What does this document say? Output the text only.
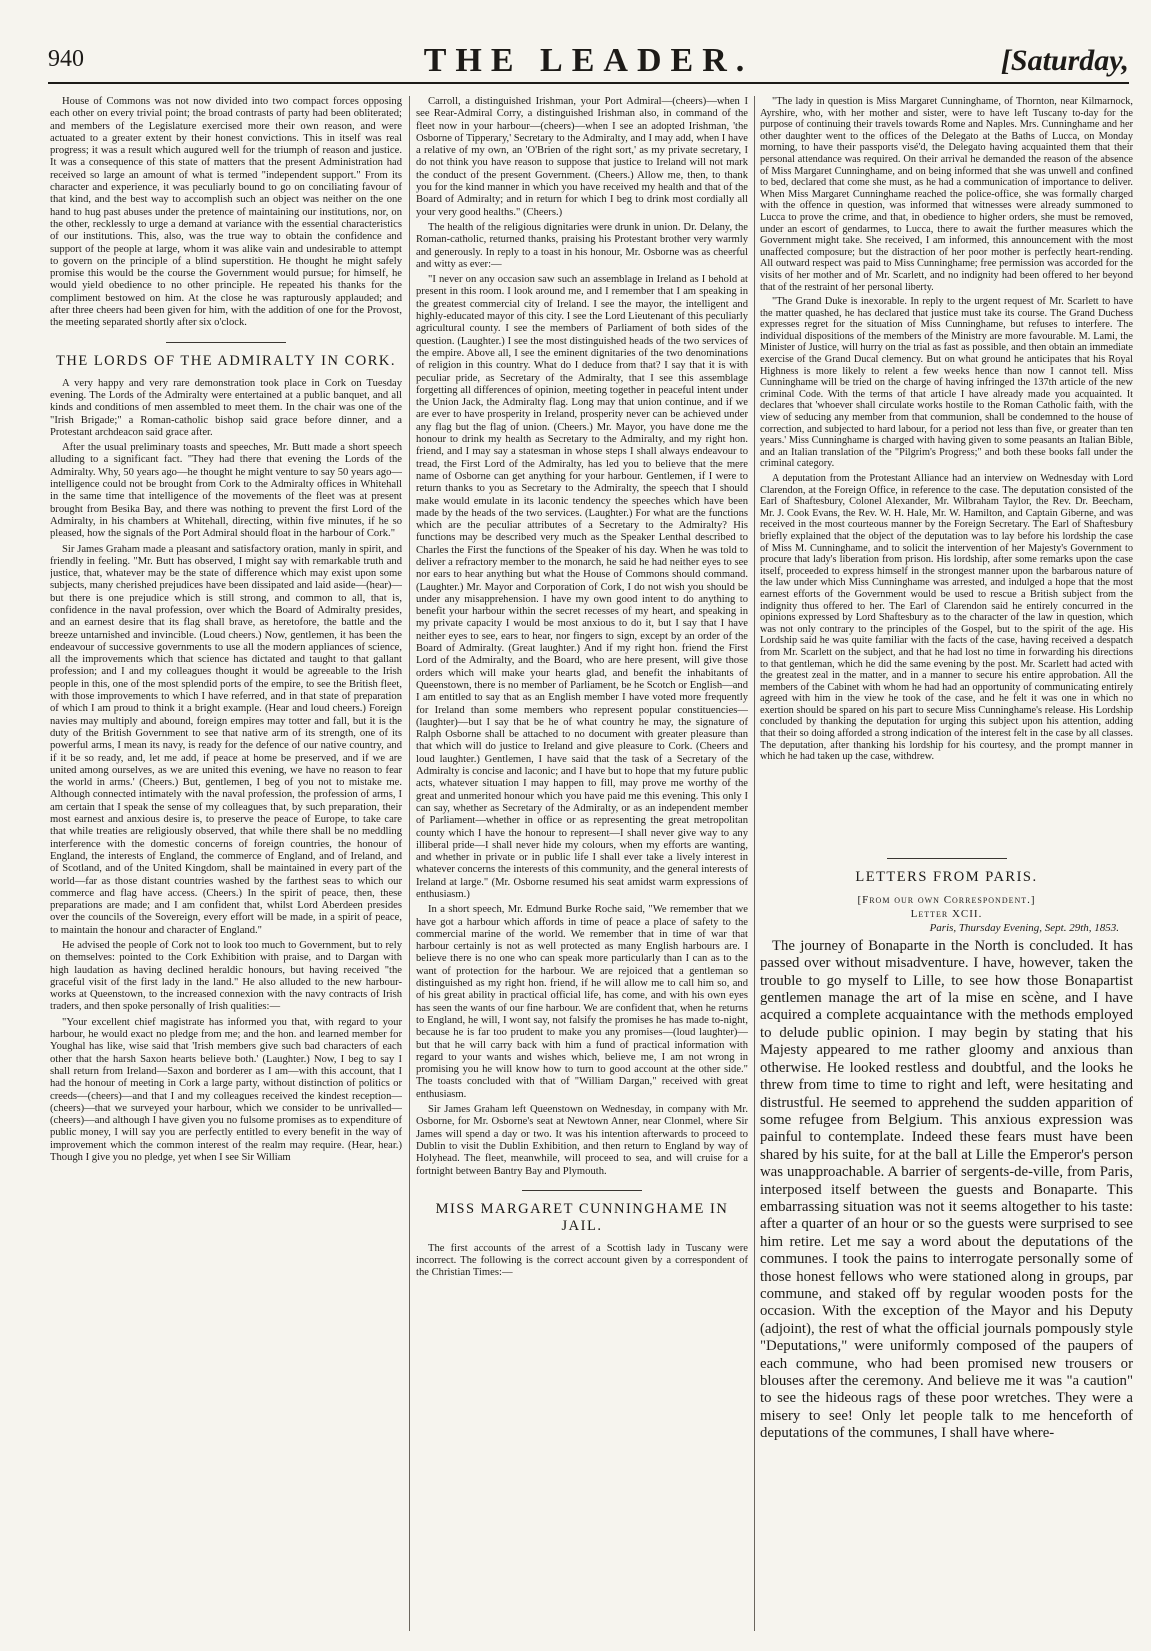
940	THE LEADER.	[Saturday,

House of Commons was not now divided into two compact forces opposing each other on every trivial point; the broad contrasts of party had been obliterated; and members of the Legislature exercised more their own reason, and were actuated to a greater extent by their honest convictions. This in itself was real progress; it was a result which augured well for the triumph of reason and justice. It was a consequence of this state of matters that the present Administration had received so large an amount of what is termed "independent support." From its character and experience, it was peculiarly bound to go on conciliating favour of that kind, and the best way to accomplish such an object was neither on the one hand to hug past abuses under the pretence of maintaining our institutions, nor, on the other, recklessly to urge a demand at variance with the essential characteristics of our institutions. This, also, was the true way to obtain the confidence and support of the people at large, whom it was alike vain and undesirable to attempt to govern on the principle of a blind superstition. He thought he might safely promise this would be the course the Government would pursue; for himself, he would yield obedience to no other principle. He repeated his thanks for the compliment bestowed on him. At the close he was rapturously applauded; and after three cheers had been given for him, with the addition of one for the Provost, the meeting separated shortly after six o'clock.

THE LORDS OF THE ADMIRALTY IN CORK.

A very happy and very rare demonstration took place in Cork on Tuesday evening. The Lords of the Admiralty were entertained at a public banquet, and all kinds and conditions of men assembled to meet them. In the chair was one of the "Irish Brigade;" a Roman-catholic bishop said grace before dinner, and a Protestant archdeacon said grace after.

After the usual preliminary toasts and speeches, Mr. Butt made a short speech alluding to a significant fact. "They had there that evening the Lords of the Admiralty. Why, 50 years ago—he thought he might venture to say 50 years ago—intelligence could not be brought from Cork to the Admiralty offices in Whitehall in the same time that intelligence of the movements of the fleet was at present brought from Besika Bay, and there was nothing to prevent the first Lord of the Admiralty, in his chambers at Whitehall, directing, within five minutes, if he so pleased, how the signals of the Port Admiral should float in the harbour of Cork."

Sir James Graham made a pleasant and satisfactory oration, manly in spirit, and friendly in feeling. "Mr. Butt has observed, I might say with remarkable truth and justice, that, whatever may be the state of difference which may exist upon some subjects, many cherished prejudices have been dissipated and laid aside—(hear)—but there is one prejudice which is still strong, and common to all, that is, confidence in the naval profession, over which the Board of Admiralty presides, and an earnest desire that its flag shall brave, as heretofore, the battle and the breeze untarnished and invincible. (Loud cheers.) Now, gentlemen, it has been the endeavour of successive governments to use all the modern appliances of science, all the improvements which that science has dictated and taught to that gallant profession; and I and my colleagues thought it would be agreeable to the Irish people in this, one of the most splendid ports of the empire, to see the British fleet, with those improvements to which I have referred, and in that state of preparation of which I am proud to think it a bright example. (Hear and loud cheers.) Foreign navies may multiply and abound, foreign empires may totter and fall, but it is the duty of the British Government to see that native arm of its strength, one of its powerful arms, I mean its navy, is ready for the defence of our native country, and if it be so ready, and, let me add, if peace at home be preserved, and if we are united among ourselves, as we are united this evening, we have no reason to fear the world in arms.' (Cheers.) But, gentlemen, I beg of you not to mistake me. Although connected intimately with the naval profession, the profession of arms, I am certain that I speak the sense of my colleagues that, by such preparation, their most earnest and anxious desire is, to preserve the peace of Europe, to take care that while treaties are religiously observed, that while there shall be no meddling interference with the domestic concerns of foreign countries, the honour of England, the interests of England, the commerce of England, and of Ireland, and of Scotland, and of the United Kingdom, shall be maintained in every part of the world—far as those distant countries washed by the farthest seas to which our commerce and flag have access. (Cheers.) In the spirit of peace, then, these preparations are made; and I am confident that, whilst Lord Aberdeen presides over the councils of the Sovereign, every effort will be made, in a spirit of peace, to maintain the honour and character of England."

He advised the people of Cork not to look too much to Government, but to rely on themselves: pointed to the Cork Exhibition with praise, and to Dargan with high laudation as having declined heraldic honours, but having received "the graceful visit of the first lady in the land." He also alluded to the new harbour-works at Queenstown, to the increased connexion with the navy contracts of Irish traders, and then spoke personally of Irish qualities:—

"Your excellent chief magistrate has informed you that, with regard to your harbour, he would exact no pledge from me; and the hon. and learned member for Youghal has like, wise said that 'Irish members give such bad characters of each other that the harsh Saxon hearts believe both.' (Laughter.) Now, I beg to say I shall return from Ireland—Saxon and borderer as I am—with this account, that I had the honour of meeting in Cork a large party, without distinction of politics or creeds—(cheers)—and that I and my colleagues received the kindest reception—(cheers)—that we surveyed your harbour, which we consider to be unrivalled—(cheers)—and although I have given you no fulsome promises as to expenditure of public money, I will say you are perfectly entitled to every benefit in the way of improvement which the common interest of the realm may require. (Hear, hear.) Though I give you no pledge, yet when I see Sir William

Carroll, a distinguished Irishman, your Port Admiral—(cheers)—when I see Rear-Admiral Corry, a distinguished Irishman also, in command of the fleet now in your harbour—(cheers)—when I see an adopted Irishman, 'the Osborne of Tipperary,' Secretary to the Admiralty, and I may add, when I have a relative of my own, an 'O'Brien of the right sort,' as my private secretary, I do not think you have reason to suppose that justice to Ireland will not mark the conduct of the present Government. (Cheers.) Allow me, then, to thank you for the kind manner in which you have received my health and that of the Board of Admiralty; and in return for which I beg to drink most cordially all your very good healths." (Cheers.)

The health of the religious dignitaries were drunk in union. Dr. Delany, the Roman-catholic, returned thanks, praising his Protestant brother very warmly and generously. In reply to a toast in his honour, Mr. Osborne was as cheerful and witty as ever:—

"I never on any occasion saw such an assemblage in Ireland as I behold at present in this room. I look around me, and I remember that I am speaking in the greatest commercial city of Ireland. I see the mayor, the intelligent and highly-educated mayor of this city. I see the Lord Lieutenant of this peculiarly agricultural county. I see the members of Parliament of both sides of the question. (Laughter.) I see the most distinguished heads of the two services of the empire. Above all, I see the eminent dignitaries of the two denominations of religion in this country. What do I deduce from that? I say that it is with peculiar pride, as Secretary of the Admiralty, that I see this assemblage forgetting all differences of opinion, meeting together in peaceful intent under the Union Jack, the Admiralty flag. Long may that union continue, and if we are ever to have prosperity in Ireland, prosperity never can be achieved under any flag but the flag of union. (Cheers.) Mr. Mayor, you have done me the honour to drink my health as Secretary to the Admiralty, and my right hon. friend, and I may say a statesman in whose steps I shall always endeavour to tread, the First Lord of the Admiralty, has led you to believe that the mere name of Osborne can get anything for your harbour. Gentlemen, if I were to return thanks to you as Secretary to the Admiralty, the speech that I should make would emulate in its laconic tendency the speeches which have been made by the heads of the two services. (Laughter.) For what are the functions which are the peculiar attributes of a Secretary to the Admiralty? His functions may be described very much as the Speaker Lenthal described to Charles the First the functions of the Speaker of his day. When he was told to deliver a refractory member to the monarch, he said he had neither eyes to see nor ears to hear anything but what the House of Commons should command. (Laughter.) Mr. Mayor and Corporation of Cork, I do not wish you should be under any misapprehension. I have my own good intent to do anything to benefit your harbour within the secret recesses of my heart, and speaking in my private capacity I would be most anxious to do it, but I say that I have neither eyes to see, ears to hear, nor fingers to sign, except by an order of the Board of Admiralty. (Great laughter.) And if my right hon. friend the First Lord of the Admiralty, and the Board, who are here present, will give those orders which will make your hearts glad, and benefit the inhabitants of Queenstown, there is no member of Parliament, be he Scotch or English—and I am entitled to say that as an English member I have voted more frequently for Ireland than some members who represent popular constituencies—(laughter)—but I say that be he of what country he may, the signature of Ralph Osborne shall be attached to no document with greater pleasure than that which will do justice to Ireland and give pleasure to Cork. (Cheers and loud laughter.) Gentlemen, I have said that the task of a Secretary of the Admiralty is concise and laconic; and I have but to hope that my future public acts, whatever situation I may happen to fill, may prove me worthy of the great and unmerited honour which you have paid me this evening. This only I can say, whether as Secretary of the Admiralty, or as an independent member of Parliament—whether in office or as representing the great metropolitan county which I have the honour to represent—I shall never give way to any illiberal pride—I shall never hide my colours, when my efforts are wanting, and whether in private or in public life I shall ever take a lively interest in whatever concerns the interests of this community, and the general interests of Ireland at large." (Mr. Osborne resumed his seat amidst warm expressions of enthusiasm.)

In a short speech, Mr. Edmund Burke Roche said, "We remember that we have got a harbour which affords in time of peace a place of safety to the commercial marine of the world. We remember that in time of war that harbour certainly is not as well protected as many English harbours are. I believe there is no one who can speak more particularly than I can as to the want of protection for the harbour. We are rejoiced that a gentleman so distinguished as my right hon. friend, if he will allow me to call him so, and of his great ability in practical official life, has come, and with his own eyes has seen the wants of our fine harbour. We are confident that, when he returns to England, he will, I wont say, not falsify the promises he has made to-night, because he is far too prudent to make you any promises—(loud laughter)—but that he will carry back with him a fund of practical information with regard to your wants and wishes which, believe me, I am not wrong in promising you he will know how to turn to good account at the other side." The toasts concluded with that of "William Dargan," received with great enthusiasm.

Sir James Graham left Queenstown on Wednesday, in company with Mr. Osborne, for Mr. Osborne's seat at Newtown Anner, near Clonmel, where Sir James will spend a day or two. It was his intention afterwards to proceed to Dublin to visit the Dublin Exhibition, and then return to England by way of Holyhead. The fleet, meanwhile, will proceed to sea, and will cruise for a fortnight between Bantry Bay and Plymouth.

MISS MARGARET CUNNINGHAME IN JAIL.

The first accounts of the arrest of a Scottish lady in Tuscany were incorrect. The following is the correct account given by a correspondent of the Christian Times:—

"The lady in question is Miss Margaret Cunninghame, of Thornton, near Kilmarnock, Ayrshire, who, with her mother and sister, were to have left Tuscany to-day for the purpose of continuing their travels towards Rome and Naples. Mrs. Cunninghame and her other daughter went to the offices of the Delegato at the Baths of Lucca, on Monday morning, to have their passports visé'd, the Delegato having acquainted them that their personal attendance was required. On their arrival he demanded the reason of the absence of Miss Margaret Cunninghame, and on being informed that she was unwell and confined to bed, declared that come she must, as he had a communication of importance to deliver. When Miss Margaret Cunninghame reached the police-office, she was formally charged with the offence in question, was informed that witnesses were already summoned to Lucca to prove the crime, and that, in obedience to higher orders, she must be removed, under an escort of gendarmes, to Lucca, there to await the further measures which the Government might take. She received, I am informed, this announcement with the most unaffected composure; but the distraction of her poor mother is perfectly heart-rending. All outward respect was paid to Miss Cunninghame; free permission was accorded for the visits of her mother and of Mr. Scarlett, and no indignity had been offered to her beyond that of the restraint of her personal liberty.

"The Grand Duke is inexorable. In reply to the urgent request of Mr. Scarlett to have the matter quashed, he has declared that justice must take its course. The Grand Duchess expresses regret for the situation of Miss Cunninghame, but refuses to interfere. The individual dispositions of the members of the Ministry are more favourable. M. Lami, the Minister of Justice, will hurry on the trial as fast as possible, and then obtain an immediate exercise of the Grand Ducal clemency. But on what ground he anticipates that his Royal Highness is more likely to relent a few weeks hence than now I cannot tell. Miss Cunninghame will be tried on the charge of having infringed the 137th article of the new criminal Code. With the terms of that article I have already made you acquainted. It declares that 'whoever shall circulate works hostile to the Roman Catholic faith, with the view of seducing any member from that communion, shall be condemned to the house of correction, and subjected to hard labour, for a period not less than five, or greater than ten years.' Miss Cunninghame is charged with having given to some peasants an Italian Bible, and an Italian translation of the "Pilgrim's Progress;" and both these books fall under the criminal category.

A deputation from the Protestant Alliance had an interview on Wednesday with Lord Clarendon, at the Foreign Office, in reference to the case. The deputation consisted of the Earl of Shaftesbury, Colonel Alexander, Mr. Wilbraham Taylor, the Rev. Dr. Beecham, Mr. J. Cook Evans, the Rev. W. H. Hale, Mr. W. Hamilton, and Captain Giberne, and was received in the most courteous manner by the Foreign Secretary. The Earl of Shaftesbury briefly explained that the object of the deputation was to lay before his lordship the case of Miss M. Cunninghame, and to solicit the intervention of her Majesty's Government to procure that lady's liberation from prison. His lordship, after some remarks upon the case itself, proceeded to express himself in the strongest manner upon the barbarous nature of the law under which Miss Cunninghame was arrested, and indulged a hope that the most earnest efforts of the Government would be used to rescue a British subject from the indignity thus offered to her. The Earl of Clarendon said he entirely concurred in the opinions expressed by Lord Shaftesbury as to the character of the law in question, which was not only contrary to the principles of the Gospel, but to the spirit of the age. His Lordship said he was quite familiar with the facts of the case, having received a despatch from Mr. Scarlett on the subject, and that he had lost no time in forwarding his directions to that gentleman, which he did the same evening by the post. Mr. Scarlett had acted with the greatest zeal in the matter, and in a manner to secure his entire approbation. All the members of the Cabinet with whom he had had an opportunity of communicating entirely agreed with him in the view he took of the case, and he felt it was one in which no exertion should be spared on his part to secure Miss Cunninghame's release. His Lordship concluded by thanking the deputation for urging this subject upon his attention, adding that their so doing afforded a strong indication of the interest felt in the case by all classes. The deputation, after thanking his lordship for his courtesy, and the prompt manner in which he had taken up the case, withdrew.

LETTERS FROM PARIS.

[From our own Correspondent.]

Letter XCII.

Paris, Thursday Evening, Sept. 29th, 1853.

The journey of Bonaparte in the North is concluded. It has passed over without misadventure. I have, however, taken the trouble to go myself to Lille, to see how those Bonapartist gentlemen manage the art of la mise en scène, and I have acquired a complete acquaintance with the methods employed to delude public opinion. I may begin by stating that his Majesty appeared to me rather gloomy and anxious than otherwise. He looked restless and doubtful, and the looks he threw from time to time to right and left, were hesitating and distrustful. He seemed to apprehend the sudden apparition of some refugee from Belgium. This anxious expression was painful to contemplate. Indeed these fears must have been shared by his suite, for at the ball at Lille the Emperor's person was unapproachable. A barrier of sergents-de-ville, from Paris, interposed itself between the guests and Bonaparte. This embarrassing situation was not it seems altogether to his taste: after a quarter of an hour or so the guests were surprised to see him retire. Let me say a word about the deputations of the communes. I took the pains to interrogate personally some of those honest fellows who were stationed along in groups, par commune, and staked off by regular wooden posts for the occasion. With the exception of the Mayor and his Deputy (adjoint), the rest of what the official journals pompously style "Deputations," were uniformly composed of the paupers of each commune, who had been promised new trousers or blouses after the ceremony. And believe me it was "a caution" to see the hideous rags of these poor wretches. They were a misery to see! Only let people talk to me henceforth of deputations of the communes, I shall have where-
